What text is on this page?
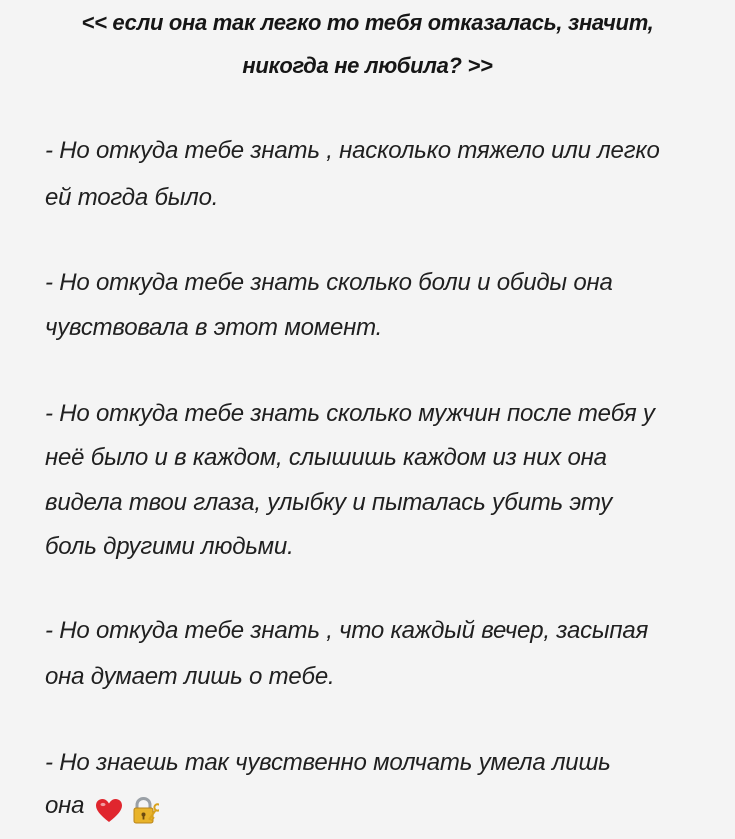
<< если она так легко то тебя отказалась, значит,
никогда не любила? >>
- Но откуда тебе знать , насколько тяжело или легко
ей тогда было.
- Но откуда тебе знать сколько боли и обиды она
чувствовала в этот момент.
- Но откуда тебе знать сколько мужчин после тебя у
неё было и в каждом, слышишь каждом из них она
видела твои глаза, улыбку и пыталась убить эту
боль другими людьми.
- Но откуда тебе знать , что каждый вечер, засыпая
она думает лишь о тебе.
- Но знаешь так чувственно молчать умела лишь
она
